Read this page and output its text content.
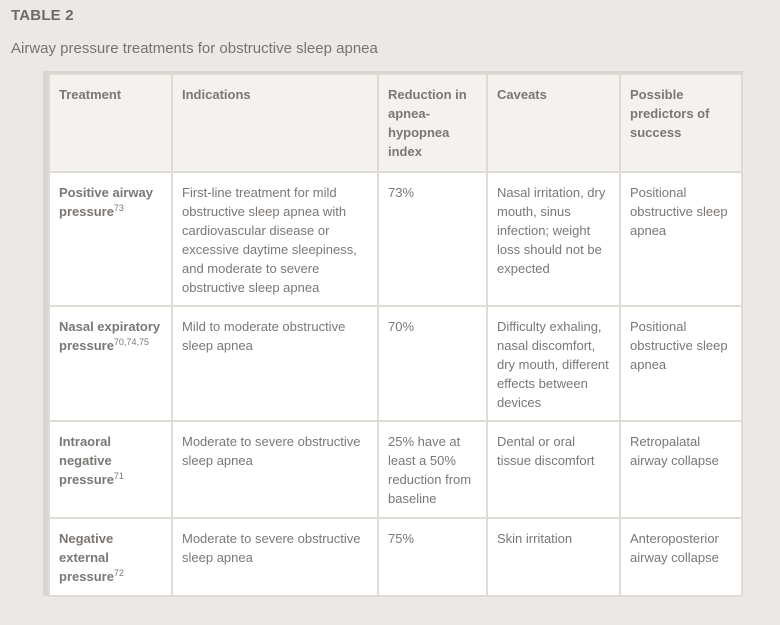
TABLE 2
Airway pressure treatments for obstructive sleep apnea
Treatment	Indications	Reduction in apnea-hypopnea index	Caveats	Possible predictors of success
Positive airway pressure$^{73}$	First-line treatment for mild obstructive sleep apnea with cardiovascular disease or excessive daytime sleepiness, and moderate to severe obstructive sleep apnea	73%	Nasal irritation, dry mouth, sinus infection; weight loss should not be expected	Positional obstructive sleep apnea
Nasal expiratory pressure$^{70,74,75}$	Mild to moderate obstructive sleep apnea	70%	Difficulty exhaling, nasal discomfort, dry mouth, different effects between devices	Positional obstructive sleep apnea
Intraoral negative pressure$^{71}$	Moderate to severe obstructive sleep apnea	25% have at least a 50% reduction from baseline	Dental or oral tissue discomfort	Retropalatal airway collapse
Negative external pressure$^{72}$	Moderate to severe obstructive sleep apnea	75%	Skin irritation	Anteroposterior airway collapse
